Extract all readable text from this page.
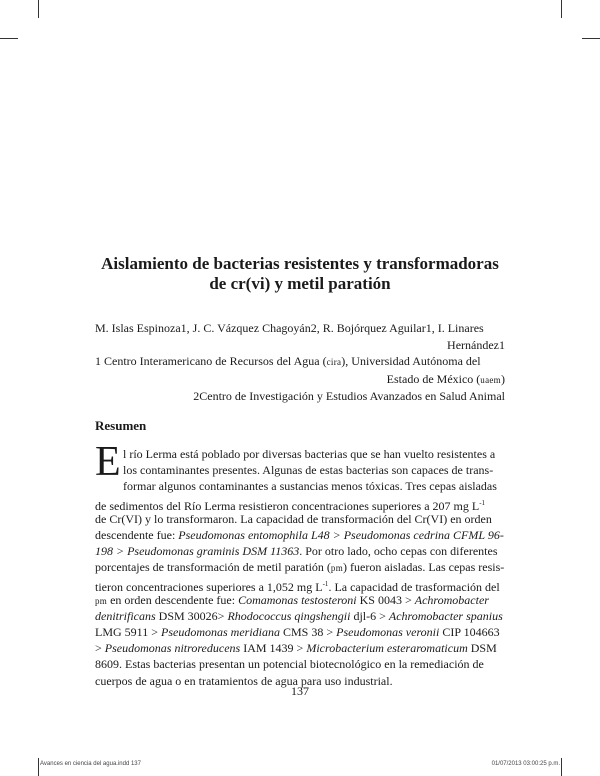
Aislamiento de bacterias resistentes y transformadoras
de cr(vi) y metil paratión
M. Islas Espinoza1, J. C. Vázquez Chagoyán2, R. Bojórquez Aguilar1, I. Linares
Hernández1
1 Centro Interamericano de Recursos del Agua (cira), Universidad Autónoma del
Estado de México (uaem)
2Centro de Investigación y Estudios Avanzados en Salud Animal
Resumen
E l río Lerma está poblado por diversas bacterias que se han vuelto resistentes a
los contaminantes presentes. Algunas de estas bacterias son capaces de trans-
formar algunos contaminantes a sustancias menos tóxicas. Tres cepas aisladas
de sedimentos del Río Lerma resistieron concentraciones superiores a 207 mg $L^{-1}$
de Cr(VI) y lo transformaron. La capacidad de transformación del Cr(VI) en orden
descendente fue: Pseudomonas entomophila L48 > Pseudomonas cedrina CFML 96-
198 > Pseudomonas graminis DSM 11363. Por otro lado, ocho cepas con diferentes
porcentajes de transformación de metil paratión (pm) fueron aisladas. Las cepas resis-
tieron concentraciones superiores a 1,052 mg $L^{-1}$. La capacidad de trasformación del
pm en orden descendente fue: Comamonas testosteroni KS 0043 > Achromobacter
denitrificans DSM 30026> Rhodococcus qingshengii djl-6 > Achromobacter spanius
LMG 5911 > Pseudomonas meridiana CMS 38 > Pseudomonas veronii CIP 104663
> Pseudomonas nitroreducens IAM 1439 > Microbacterium esteraromaticum DSM
8609. Estas bacterias presentan un potencial biotecnológico en la remediación de
cuerpos de agua o en tratamientos de agua para uso industrial.
137
Avances en ciencia del agua.indd 137	01/07/2013 03:00:25 p.m.
